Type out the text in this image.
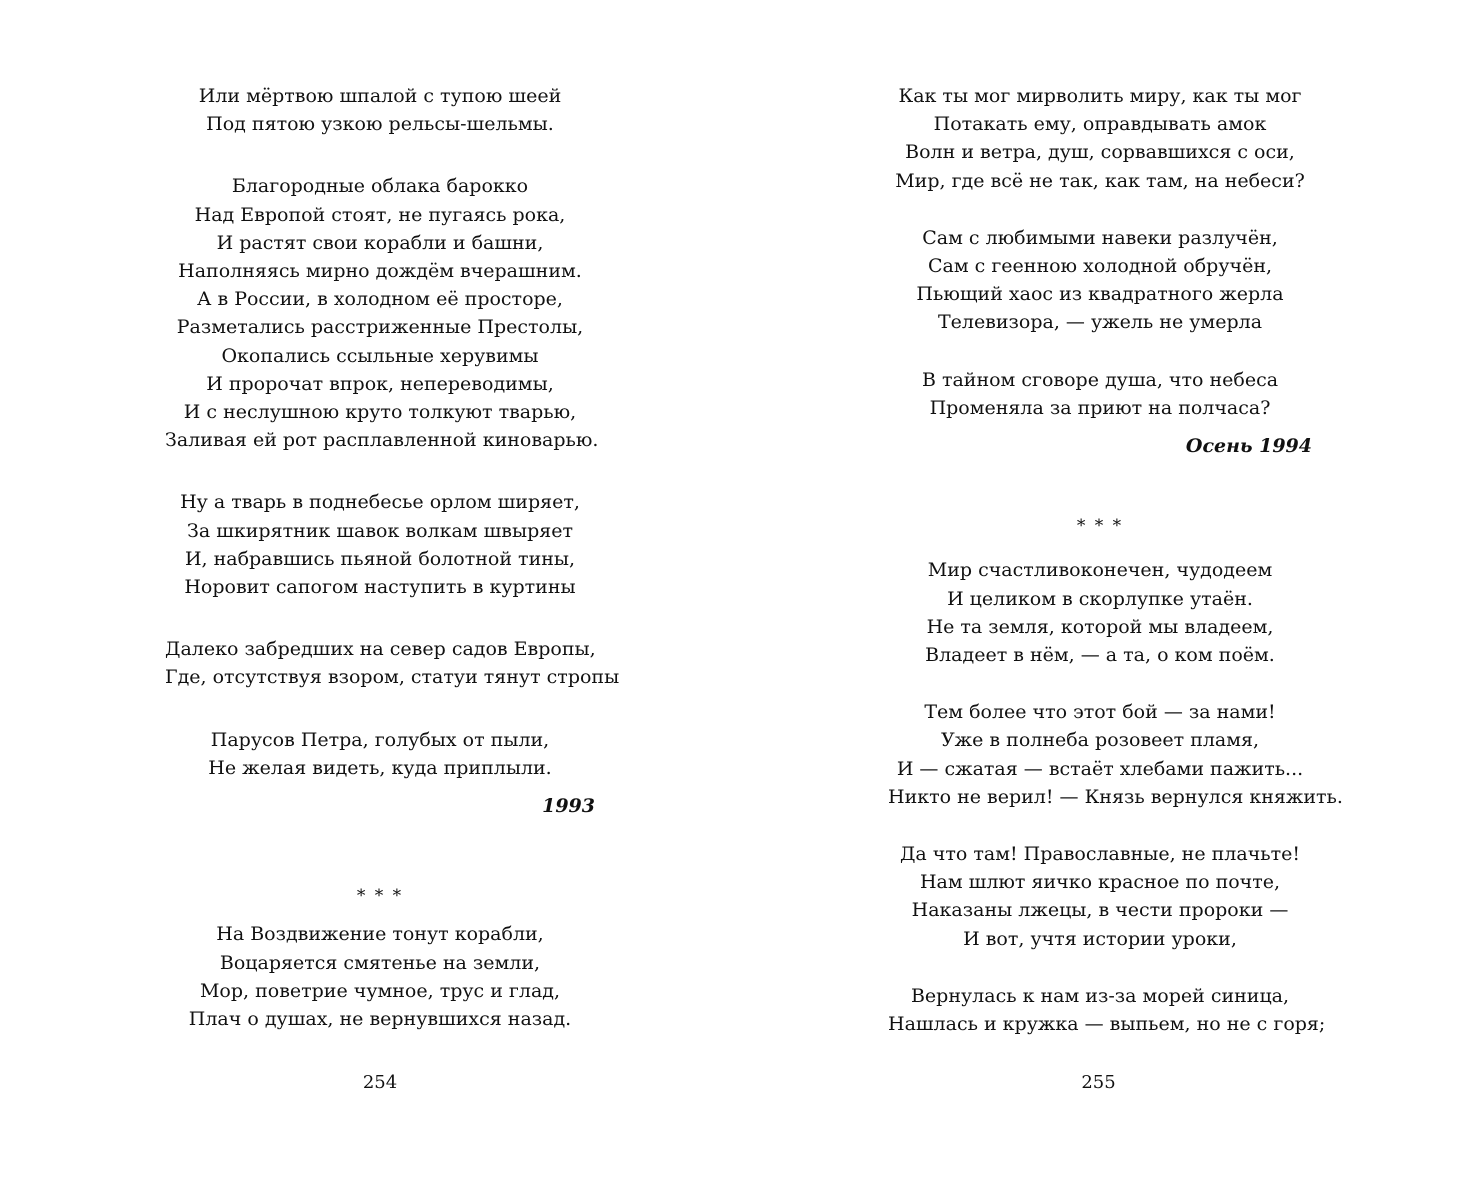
Или мёртвою шпалой с тупою шеей
Под пятою узкою рельсы-шельмы.
Благородные облака барокко
Над Европой стоят, не пугаясь рока,
И растят свои корабли и башни,
Наполняясь мирно дождём вчерашним.
А в России, в холодном её просторе,
Разметались расстриженные Престолы,
Окопались ссыльные херувимы
И пророчат впрок, непереводимы,
И с неслушною круто толкуют тварью,
Заливая ей рот расплавленной киноварью.
Ну а тварь в поднебесье орлом ширяет,
За шкирятник шавок волкам швыряет
И, набравшись пьяной болотной тины,
Норовит сапогом наступить в куртины
Далеко забредших на север садов Европы,
Где, отсутствуя взором, статуи тянут стропы
Парусов Петра, голубых от пыли,
Не желая видеть, куда приплыли.
1993
* * *
На Воздвижение тонут корабли,
Воцаряется смятенье на земли,
Мор, поветрие чумное, трус и глад,
Плач о душах, не вернувшихся назад.
254
Как ты мог мирволить миру, как ты мог
Потакать ему, оправдывать амок
Волн и ветра, душ, сорвавшихся с оси,
Мир, где всё не так, как там, на небеси?
Сам с любимыми навеки разлучён,
Сам с геенною холодной обручён,
Пьющий хаос из квадратного жерла
Телевизора, — ужель не умерла
В тайном сговоре душа, что небеса
Променяла за приют на полчаса?
Осень 1994
* * *
Мир счастливоконечен, чудодеем
И целиком в скорлупке утаён.
Не та земля, которой мы владеем,
Владеет в нём, — а та, о ком поём.
Тем более что этот бой — за нами!
Уже в полнеба розовеет пламя,
И — сжатая — встаёт хлебами пажить...
Никто не верил! — Князь вернулся княжить.
Да что там! Православные, не плачьте!
Нам шлют яичко красное по почте,
Наказаны лжецы, в чести пророки —
И вот, учтя истории уроки,
Вернулась к нам из-за морей синица,
Нашлась и кружка — выпьем, но не с горя;
255
